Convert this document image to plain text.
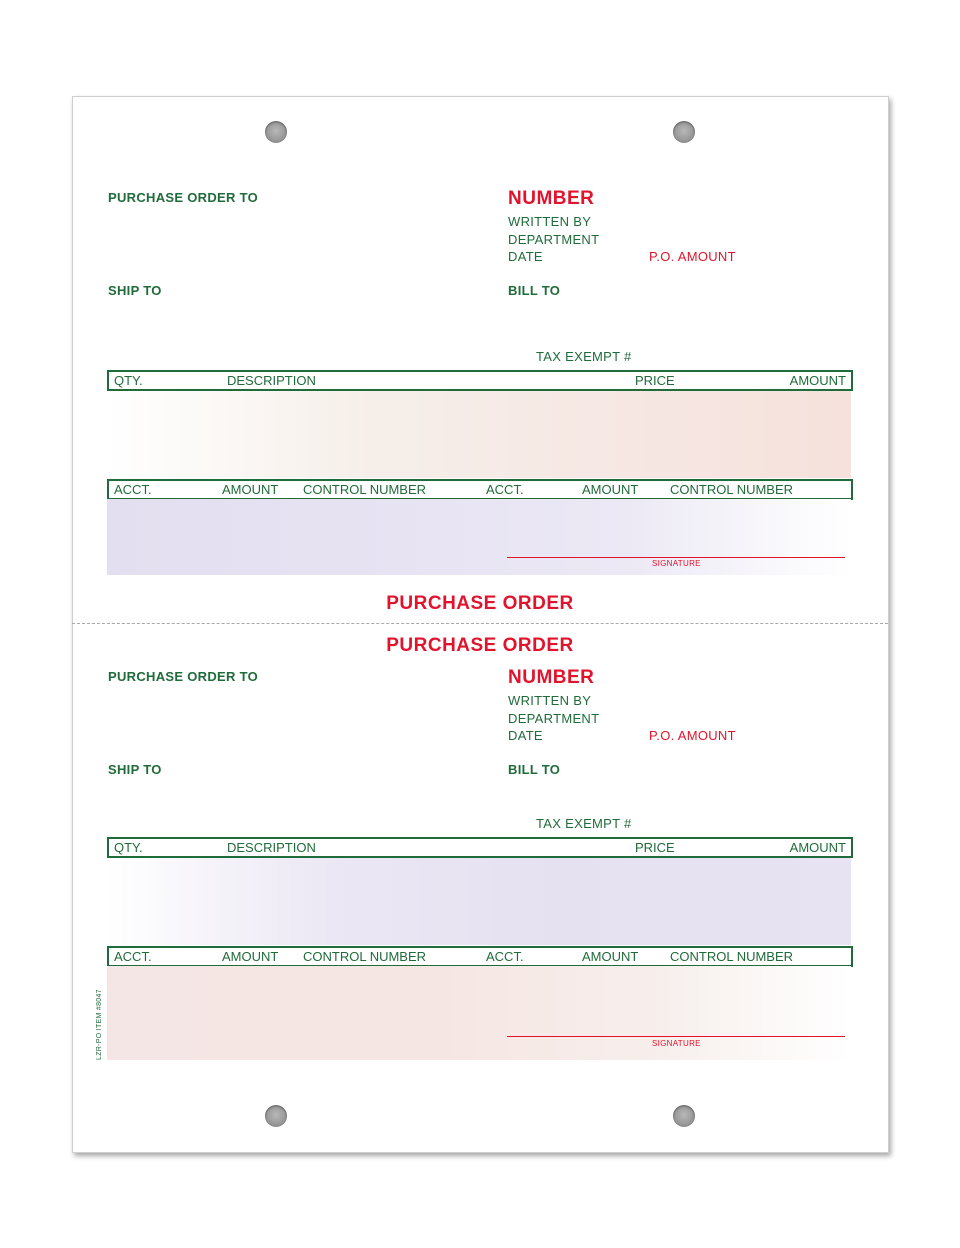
PURCHASE ORDER TO	NUMBER
WRITTEN BY
DEPARTMENT
DATE	P.O. AMOUNT
SHIP TO	BILL TO
TAX EXEMPT #
QTY.	DESCRIPTION	PRICE	AMOUNT
ACCT.	AMOUNT CONTROL NUMBER	ACCT.	AMOUNT CONTROL NUMBER
SIGNATURE
PURCHASE ORDER
PURCHASE ORDER
PURCHASE ORDER TO	NUMBER
WRITTEN BY
DEPARTMENT
DATE	P.O. AMOUNT
SHIP TO	BILL TO
TAX EXEMPT #
QTY.	DESCRIPTION	PRICE	AMOUNT
ACCT.	AMOUNT CONTROL NUMBER	ACCT.	AMOUNT CONTROL NUMBER
SIGNATURE
LZR-PO ITEM #8047
